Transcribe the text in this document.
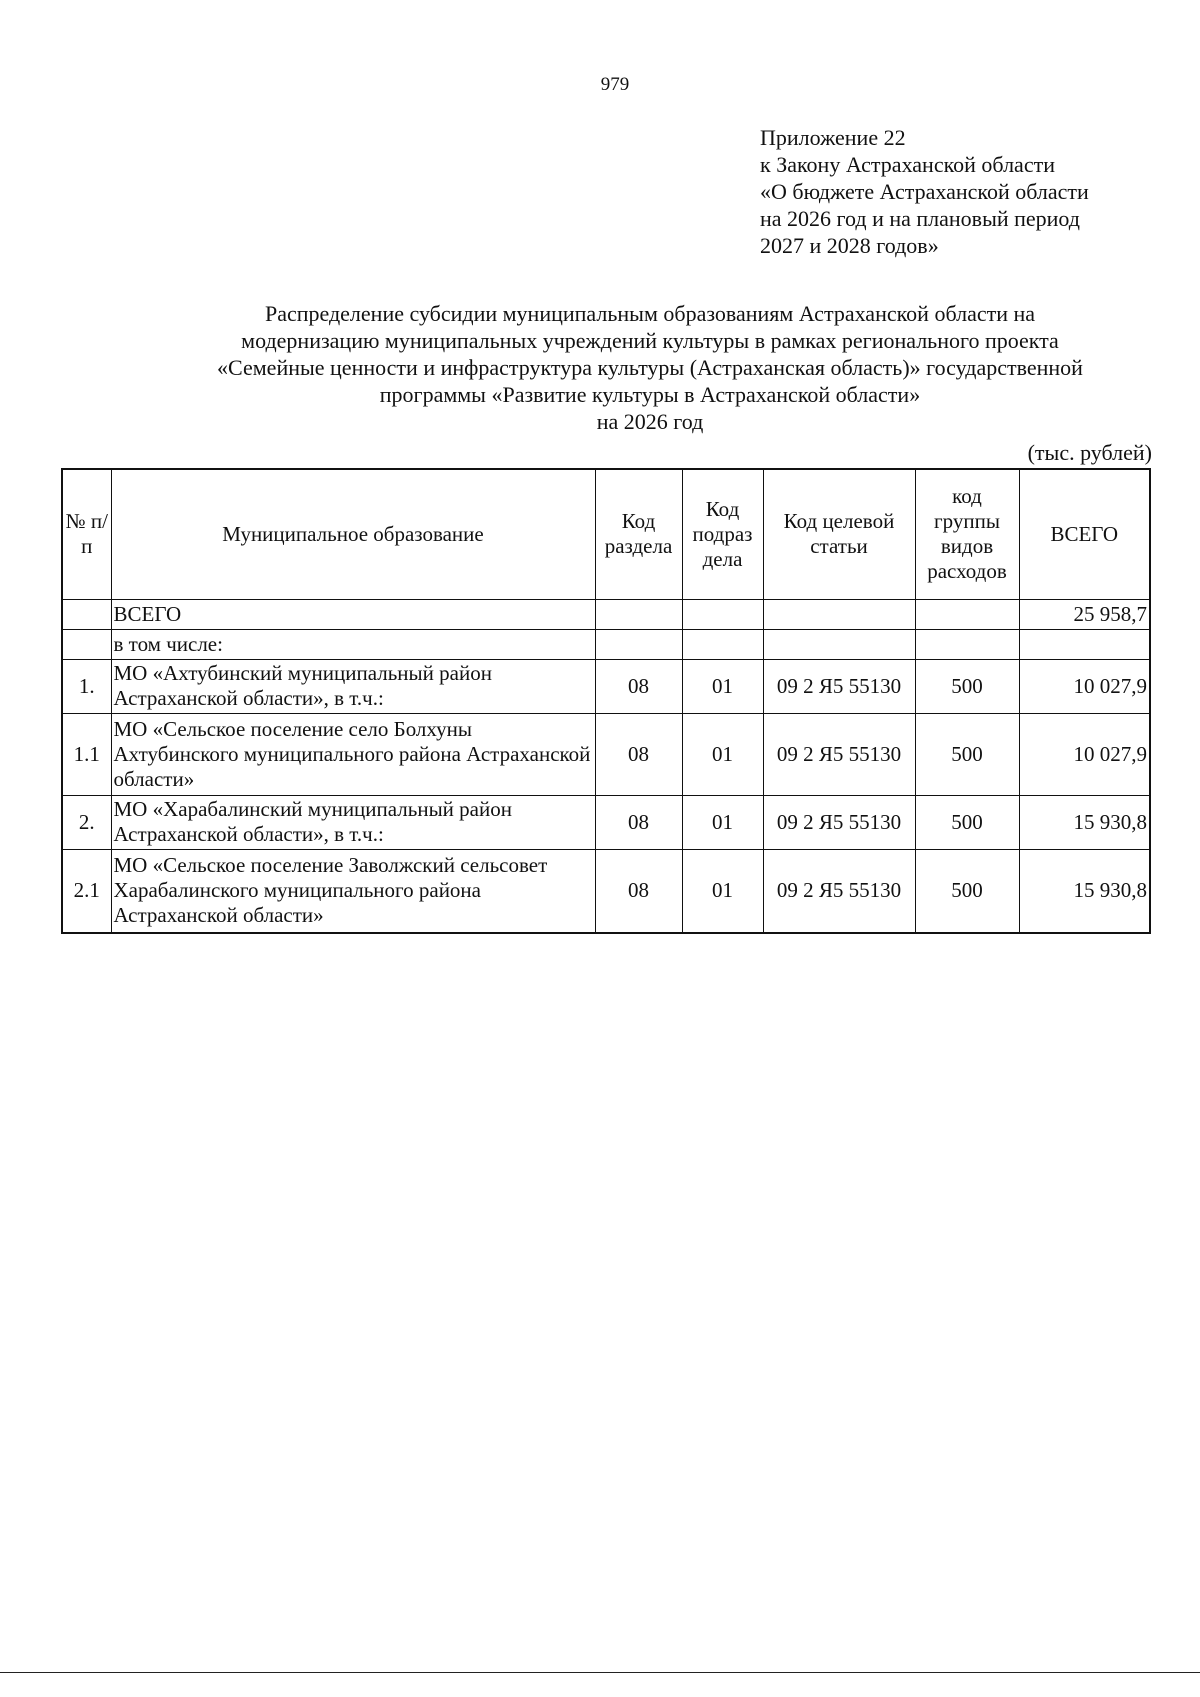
979
Приложение 22
к Закону Астраханской области
«О бюджете Астраханской области
на 2026 год и на плановый период
2027 и 2028 годов»
Распределение субсидии муниципальным образованиям Астраханской области на
модернизацию муниципальных учреждений культуры в рамках регионального проекта
«Семейные ценности и инфраструктура культуры (Астраханская область)» государственной
программы «Развитие культуры в Астраханской области»
на 2026 год
(тыс. рублей)
№ п/п	Муниципальное образование	Код раздела	Код подраз дела	Код целевой статьи	код группы видов расходов	ВСЕГО
	ВСЕГО					25 958,7
	в том числе:					
1.	МО «Ахтубинский муниципальный район Астраханской области», в т.ч.:	08	01	09 2 Я5 55130	500	10 027,9
1.1	МО «Сельское поселение село Болхуны Ахтубинского муниципального района Астраханской области»	08	01	09 2 Я5 55130	500	10 027,9
2.	МО «Харабалинский муниципальный район Астраханской области», в т.ч.:	08	01	09 2 Я5 55130	500	15 930,8
2.1	МО «Сельское поселение Заволжский сельсовет Харабалинского муниципального района Астраханской области»	08	01	09 2 Я5 55130	500	15 930,8
